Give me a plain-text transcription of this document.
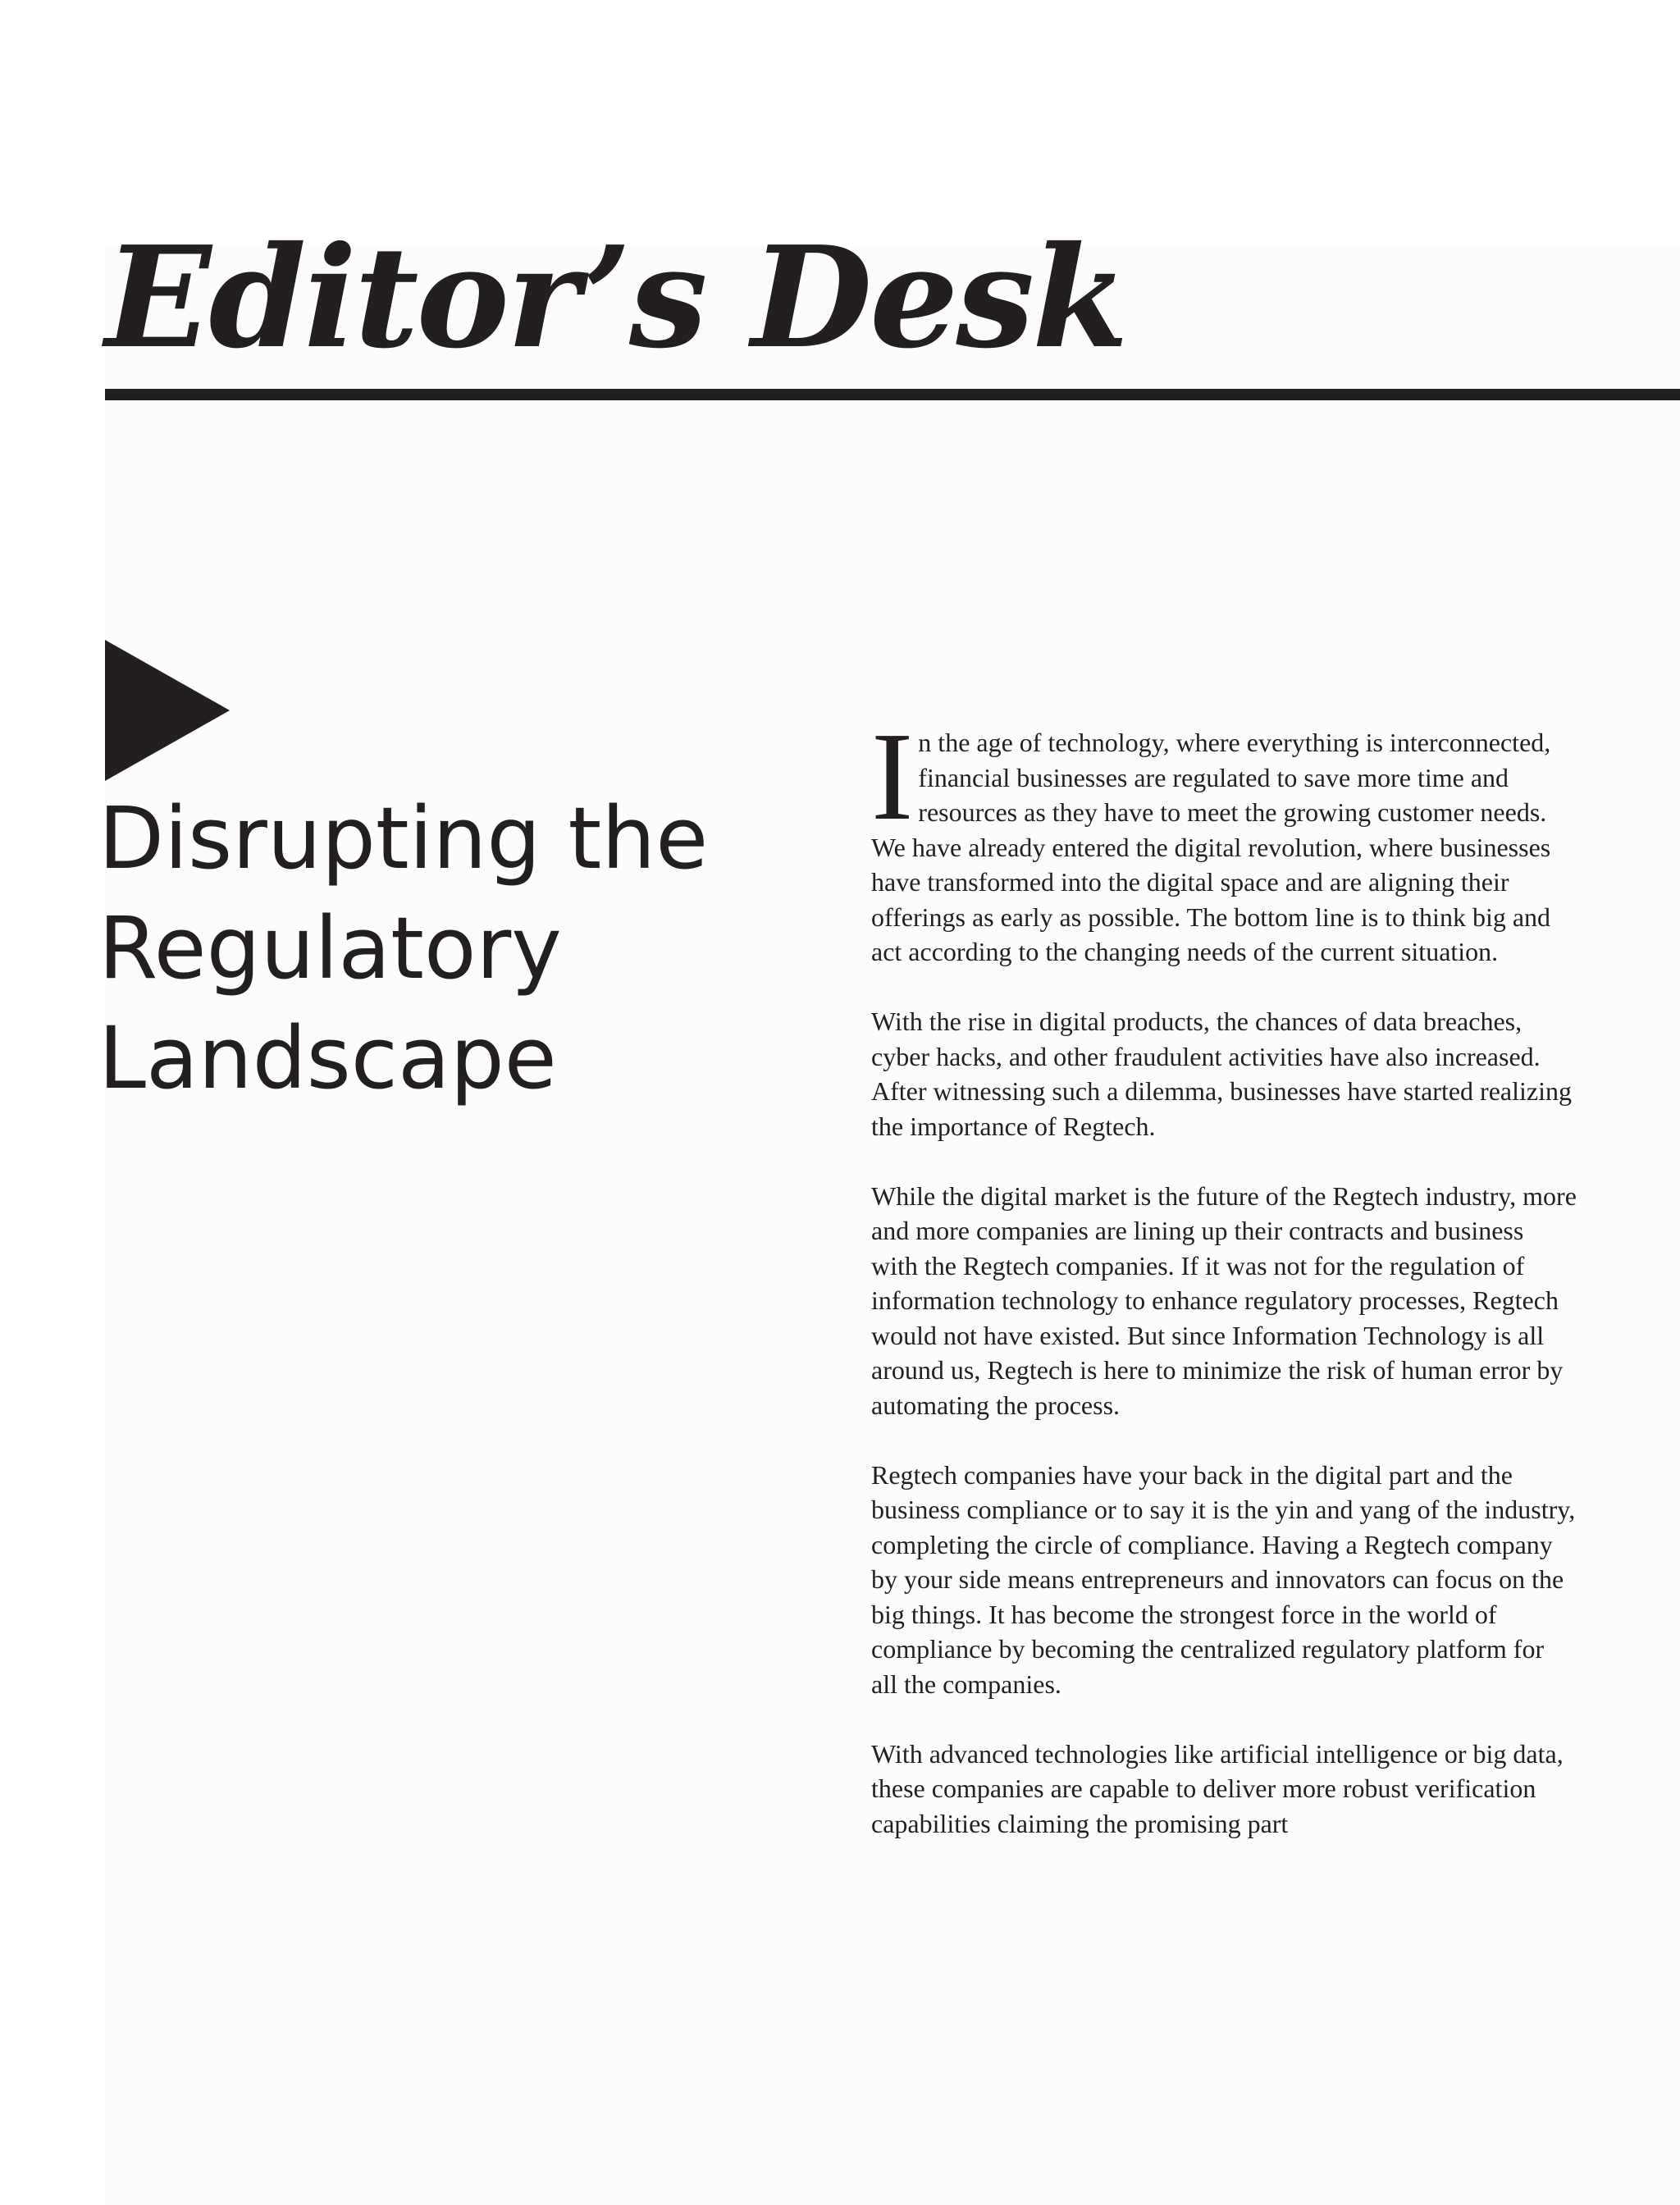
Editor’s Desk
Disrupting the
Regulatory
Landscape

In the age of technology, where everything is interconnected, financial businesses are regulated to save more time and resources as they have to meet the growing customer needs. We have already entered the digital revolution, where businesses have transformed into the digital space and are aligning their offerings as early as possible. The bottom line is to think big and act according to the changing needs of the current situation.

With the rise in digital products, the chances of data breaches, cyber hacks, and other fraudulent activities have also increased. After witnessing such a dilemma, businesses have started realizing the importance of Regtech.

While the digital market is the future of the Regtech industry, more and more companies are lining up their contracts and business with the Regtech companies. If it was not for the regulation of information technology to enhance regulatory processes, Regtech would not have existed. But since Information Technology is all around us, Regtech is here to minimize the risk of human error by automating the process.

Regtech companies have your back in the digital part and the business compliance or to say it is the yin and yang of the industry, completing the circle of compliance. Having a Regtech company by your side means entrepreneurs and innovators can focus on the big things. It has become the strongest force in the world of compliance by becoming the centralized regulatory platform for all the companies.

With advanced technologies like artificial intelligence or big data, these companies are capable to deliver more robust verification capabilities claiming the promising part
